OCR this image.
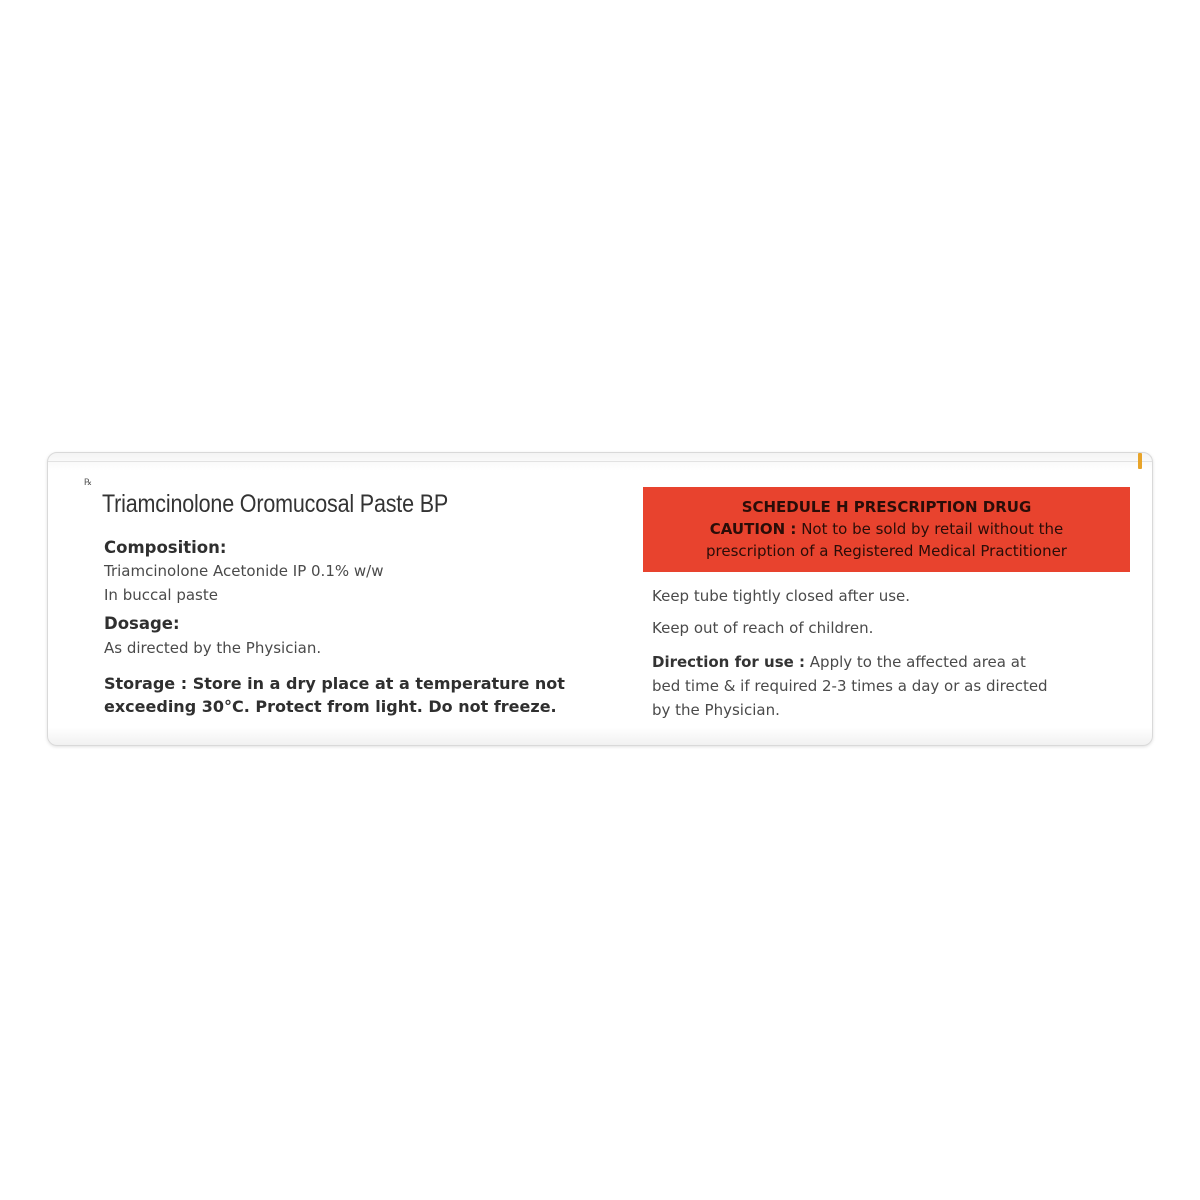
℞
Triamcinolone Oromucosal Paste BP
Composition:
Triamcinolone Acetonide IP 0.1% w/w
In buccal paste
Dosage:
As directed by the Physician.
Storage : Store in a dry place at a temperature not
exceeding 30°C. Protect from light. Do not freeze.
SCHEDULE H PRESCRIPTION DRUG
CAUTION : Not to be sold by retail without the
prescription of a Registered Medical Practitioner
Keep tube tightly closed after use.
Keep out of reach of children.
Direction for use : Apply to the affected area at
bed time & if required 2-3 times a day or as directed
by the Physician.
